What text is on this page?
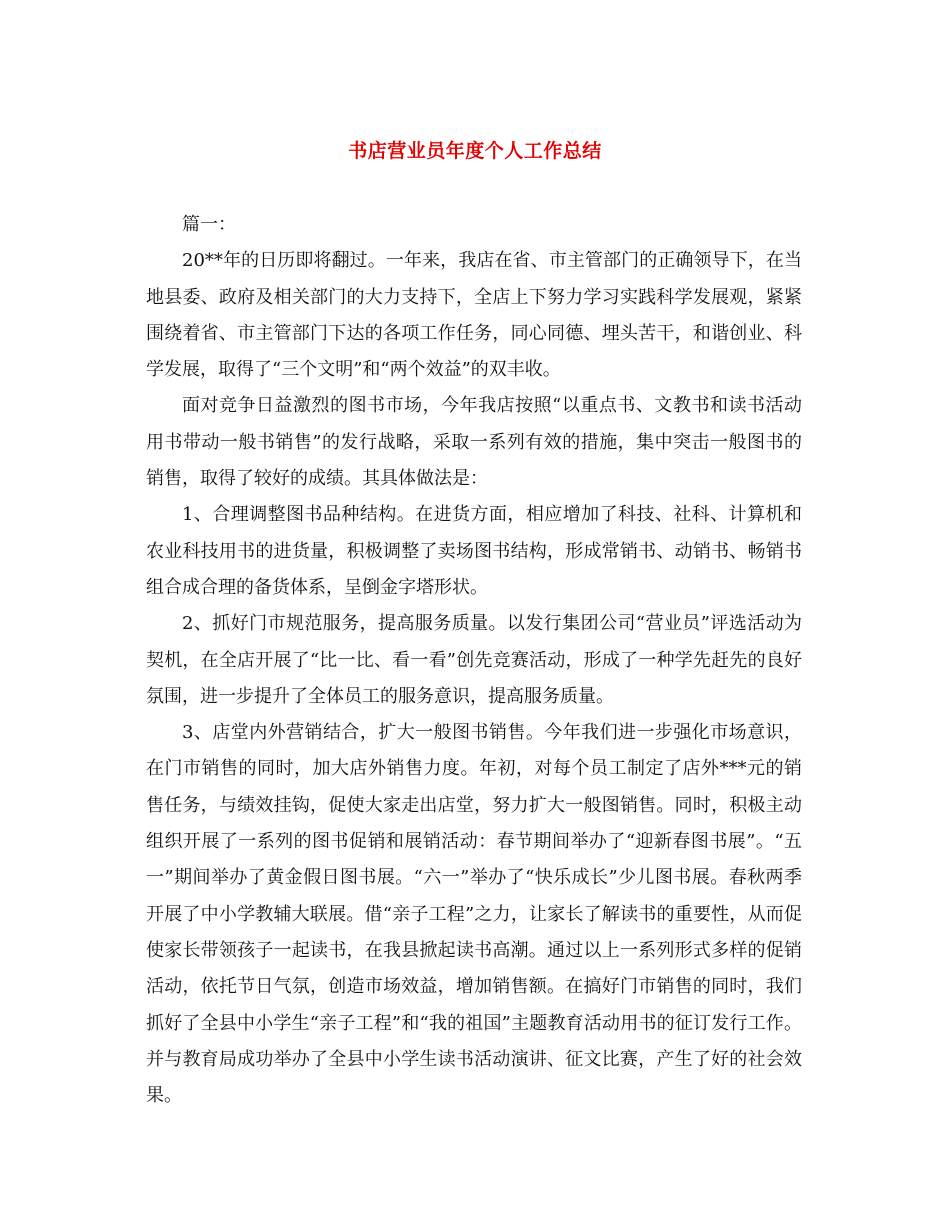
书店营业员年度个人工作总结

篇一：

20**年的日历即将翻过。一年来，我店在省、市主管部门的正确领导下，在当地县委、政府及相关部门的大力支持下，全店上下努力学习实践科学发展观，紧紧围绕着省、市主管部门下达的各项工作任务，同心同德、埋头苦干，和谐创业、科学发展，取得了“三个文明”和“两个效益”的双丰收。

面对竞争日益激烈的图书市场，今年我店按照“以重点书、文教书和读书活动用书带动一般书销售”的发行战略，采取一系列有效的措施，集中突击一般图书的销售，取得了较好的成绩。其具体做法是：

1、合理调整图书品种结构。在进货方面，相应增加了科技、社科、计算机和农业科技用书的进货量，积极调整了卖场图书结构，形成常销书、动销书、畅销书组合成合理的备货体系，呈倒金字塔形状。

2、抓好门市规范服务，提高服务质量。以发行集团公司“营业员”评选活动为契机，在全店开展了“比一比、看一看”创先竞赛活动，形成了一种学先赶先的良好氛围，进一步提升了全体员工的服务意识，提高服务质量。

3、店堂内外营销结合，扩大一般图书销售。今年我们进一步强化市场意识，在门市销售的同时，加大店外销售力度。年初，对每个员工制定了店外***元的销售任务，与绩效挂钩，促使大家走出店堂，努力扩大一般图销售。同时，积极主动组织开展了一系列的图书促销和展销活动：春节期间举办了“迎新春图书展”。“五一”期间举办了黄金假日图书展。“六一”举办了“快乐成长”少儿图书展。春秋两季开展了中小学教辅大联展。借“亲子工程”之力，让家长了解读书的重要性，从而促使家长带领孩子一起读书，在我县掀起读书高潮。通过以上一系列形式多样的促销活动，依托节日气氛，创造市场效益，增加销售额。在搞好门市销售的同时，我们抓好了全县中小学生“亲子工程”和“我的祖国”主题教育活动用书的征订发行工作。并与教育局成功举办了全县中小学生读书活动演讲、征文比赛，产生了好的社会效果。
